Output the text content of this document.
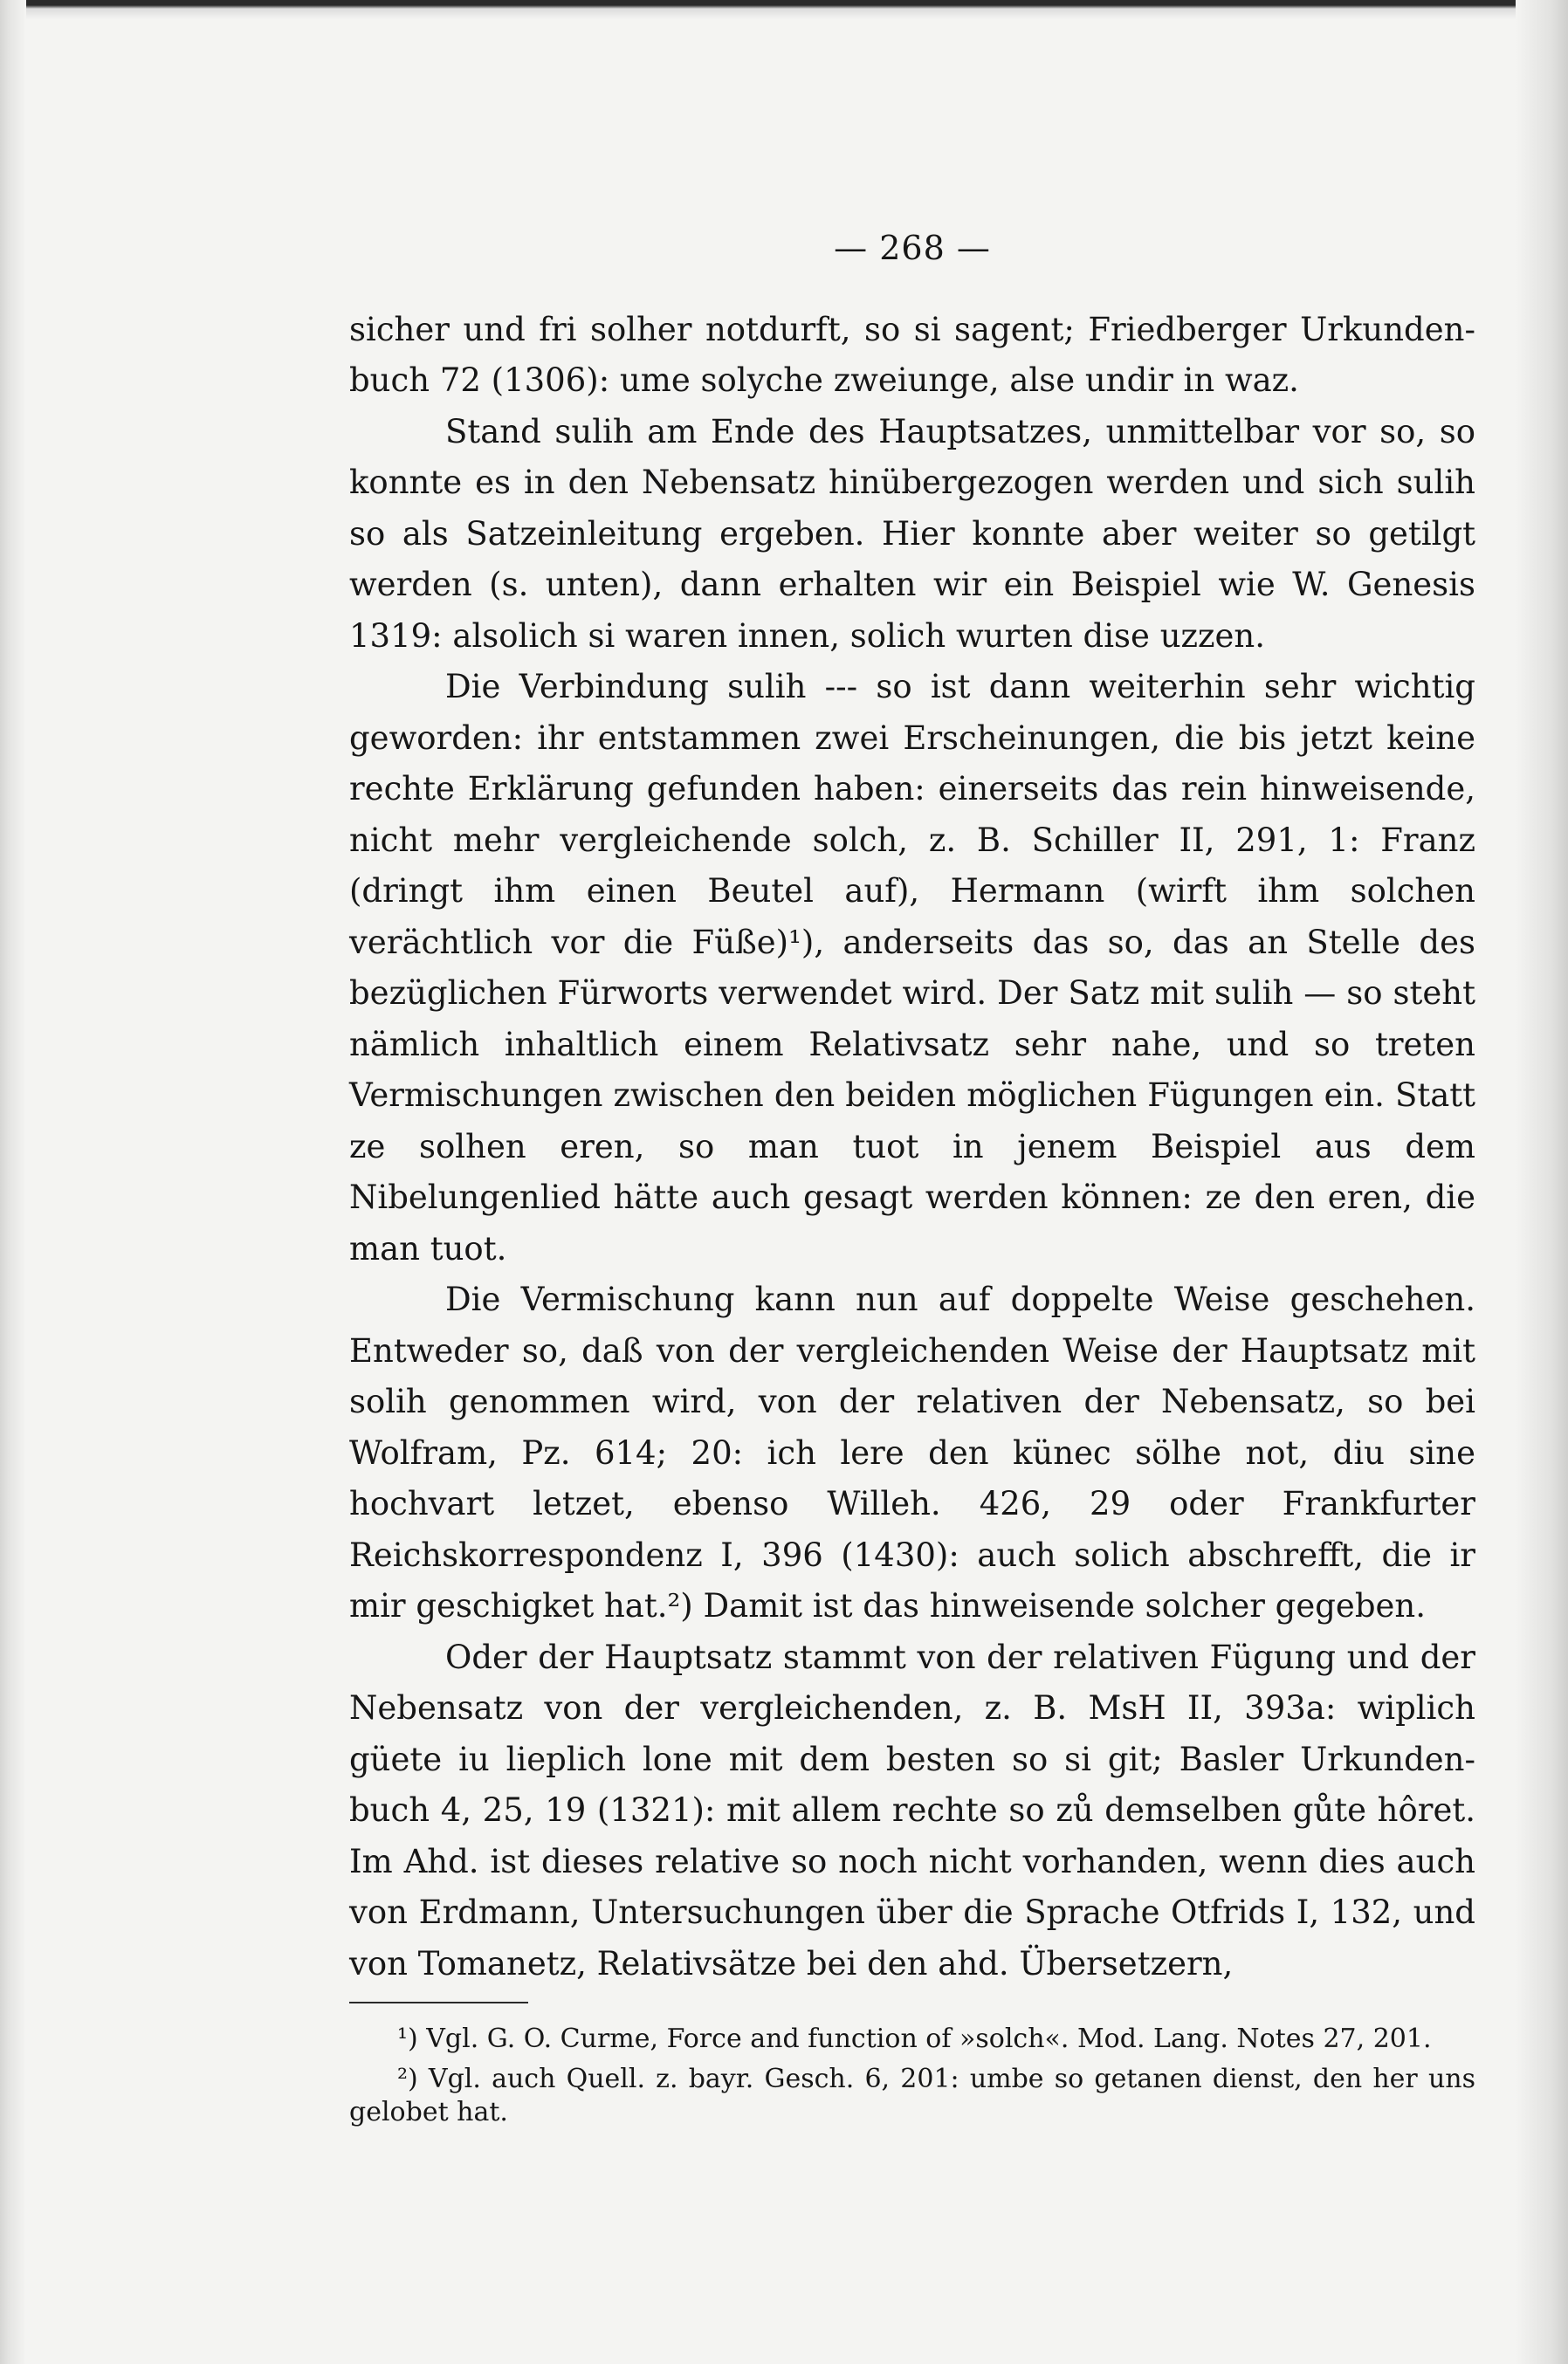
— 268 —

sicher und fri solher notdurft, so si sagent; Friedberger Urkundenbuch 72 (1306): ume solyche zweiunge, alse undir in waz.

Stand sulih am Ende des Hauptsatzes, unmittelbar vor so, so konnte es in den Nebensatz hinübergezogen werden und sich sulih so als Satzeinleitung ergeben. Hier konnte aber weiter so getilgt werden (s. unten), dann erhalten wir ein Beispiel wie W. Genesis 1319: alsolich si waren innen, solich wurten dise uzzen.

Die Verbindung sulih --- so ist dann weiterhin sehr wichtig geworden: ihr entstammen zwei Erscheinungen, die bis jetzt keine rechte Erklärung gefunden haben: einerseits das rein hinweisende, nicht mehr vergleichende solch, z. B. Schiller II, 291, 1: Franz (dringt ihm einen Beutel auf), Hermann (wirft ihm solchen verächtlich vor die Füße)¹), anderseits das so, das an Stelle des bezüglichen Fürworts verwendet wird. Der Satz mit sulih — so steht nämlich inhaltlich einem Relativsatz sehr nahe, und so treten Vermischungen zwischen den beiden möglichen Fügungen ein. Statt ze solhen eren, so man tuot in jenem Beispiel aus dem Nibelungenlied hätte auch gesagt werden können: ze den eren, die man tuot.

Die Vermischung kann nun auf doppelte Weise geschehen. Entweder so, daß von der vergleichenden Weise der Hauptsatz mit solih genommen wird, von der relativen der Nebensatz, so bei Wolfram, Pz. 614; 20: ich lere den künec sölhe not, diu sine hochvart letzet, ebenso Willeh. 426, 29 oder Frankfurter Reichskorrespondenz I, 396 (1430): auch solich abschrefft, die ir mir geschigket hat.²) Damit ist das hinweisende solcher gegeben.

Oder der Hauptsatz stammt von der relativen Fügung und der Nebensatz von der vergleichenden, z. B. MsH II, 393a: wiplich güete iu lieplich lone mit dem besten so si git; Basler Urkundenbuch 4, 25, 19 (1321): mit allem rechte so zů demselben gůte hôret. Im Ahd. ist dieses relative so noch nicht vorhanden, wenn dies auch von Erdmann, Untersuchungen über die Sprache Otfrids I, 132, und von Tomanetz, Relativsätze bei den ahd. Übersetzern,

¹) Vgl. G. O. Curme, Force and function of »solch«. Mod. Lang. Notes 27, 201.

²) Vgl. auch Quell. z. bayr. Gesch. 6, 201: umbe so getanen dienst, den her uns gelobet hat.
